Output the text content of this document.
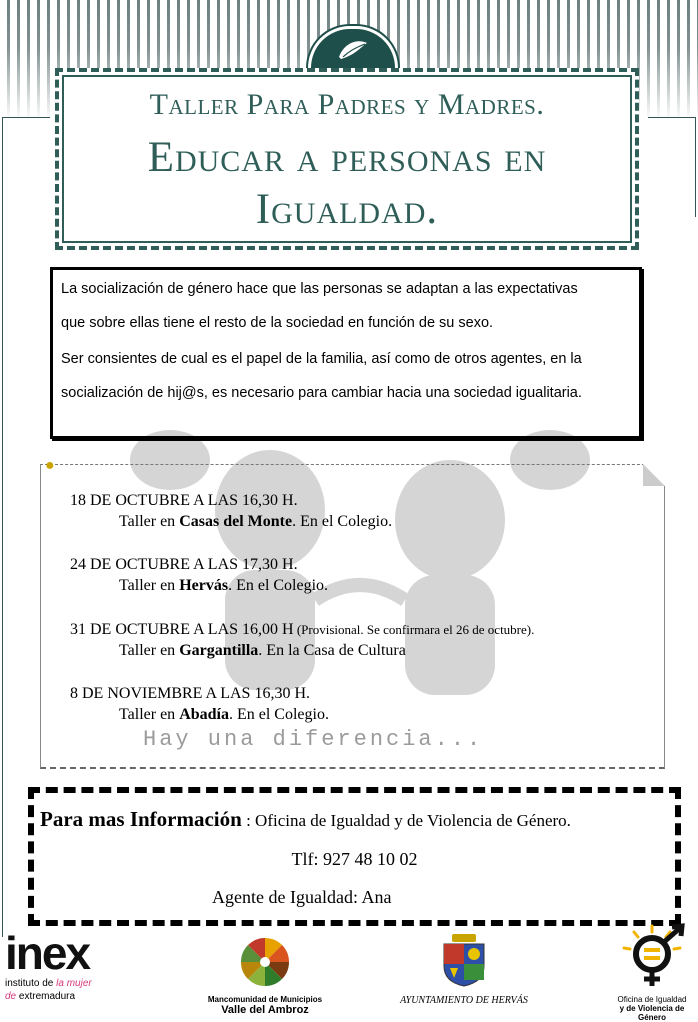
Taller Para Padres y Madres.
Educar a personas en
Igualdad.

La socialización de género hace que las personas se adaptan a las expectativas

que sobre ellas tiene el resto de la sociedad en función de su sexo.

Ser consientes de cual es el papel de la familia, así como de otros agentes, en la

socialización de hij@s, es necesario para cambiar hacia una sociedad igualitaria.

●
18 DE OCTUBRE A LAS 16,30 H.
Taller en Casas del Monte. En el Colegio.
24 DE OCTUBRE A LAS 17,30 H.
Taller en Hervás. En el Colegio.
31 DE OCTUBRE A LAS 16,00 H (Provisional. Se confirmara el 26 de octubre).
Taller en Gargantilla. En la Casa de Cultura
8 DE NOVIEMBRE A LAS 16,30 H.
Taller en Abadía. En el Colegio.
Hay una diferencia...
Para mas Información : Oficina de Igualdad y de Violencia de Género.
Tlf: 927 48 10 02
Agente de Igualdad: Ana
inex
instituto de la mujer
de extremadura	Mancomunidad de Municipios
Valle del Ambroz
AYUNTAMIENTO DE HERVÁS	Oficina de Igualdad
y de Violencia de Género
